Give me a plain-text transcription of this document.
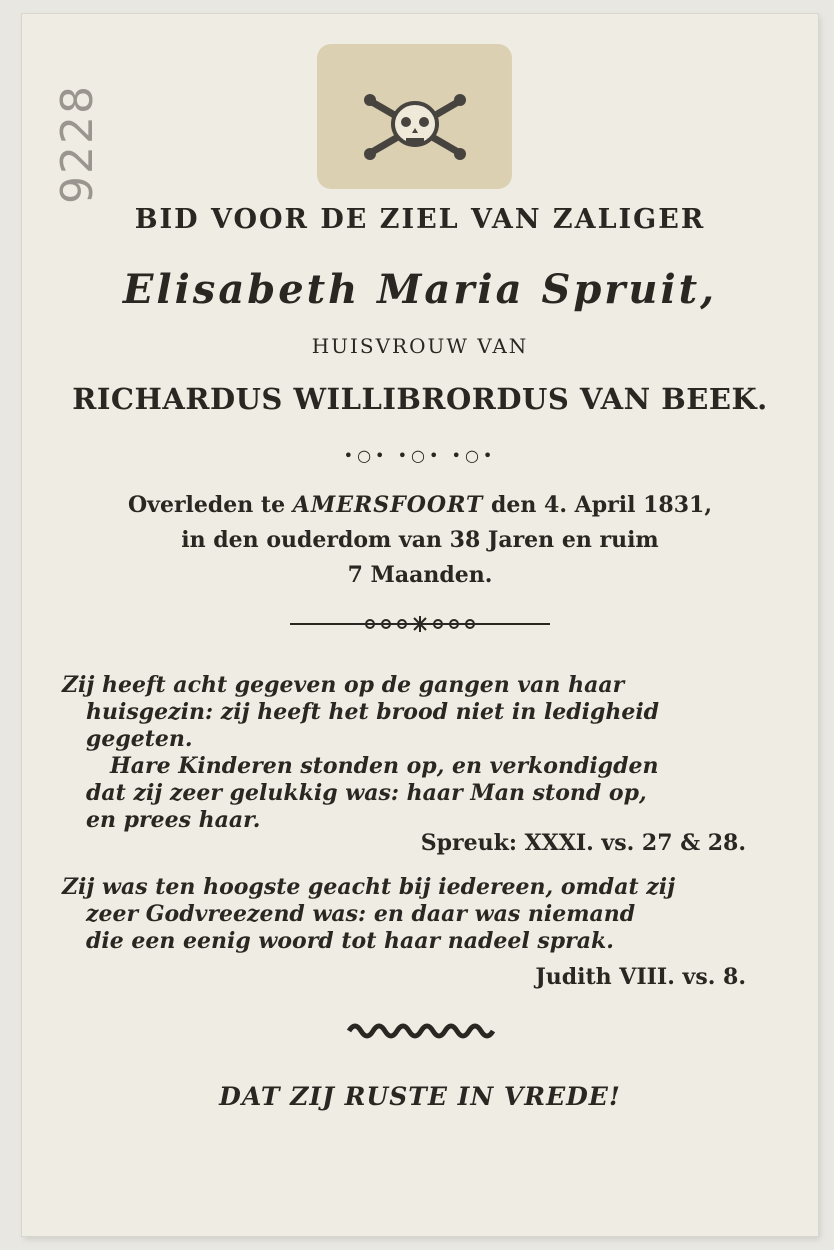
9228
BID VOOR DE ZIEL VAN ZALIGER
Elisabeth Maria Spruit,
HUISVROUW VAN
RICHARDUS WILLIBRORDUS VAN BEEK.
•○• •○• •○•
Overleden te AMERSFOORT den 4. April 1831,
in den ouderdom van 38 Jaren en ruim
7 Maanden.
Zij heeft acht gegeven op de gangen van haar
huisgezin: zij heeft het brood niet in ledigheid
gegeten.
Hare Kinderen stonden op, en verkondigden
dat zij zeer gelukkig was: haar Man stond op,
en prees haar.
Spreuk: XXXI. vs. 27 & 28.
Zij was ten hoogste geacht bij iedereen, omdat zij
zeer Godvreezend was: en daar was niemand
die een eenig woord tot haar nadeel sprak.
Judith VIII. vs. 8.
DAT ZIJ RUSTE IN VREDE!
